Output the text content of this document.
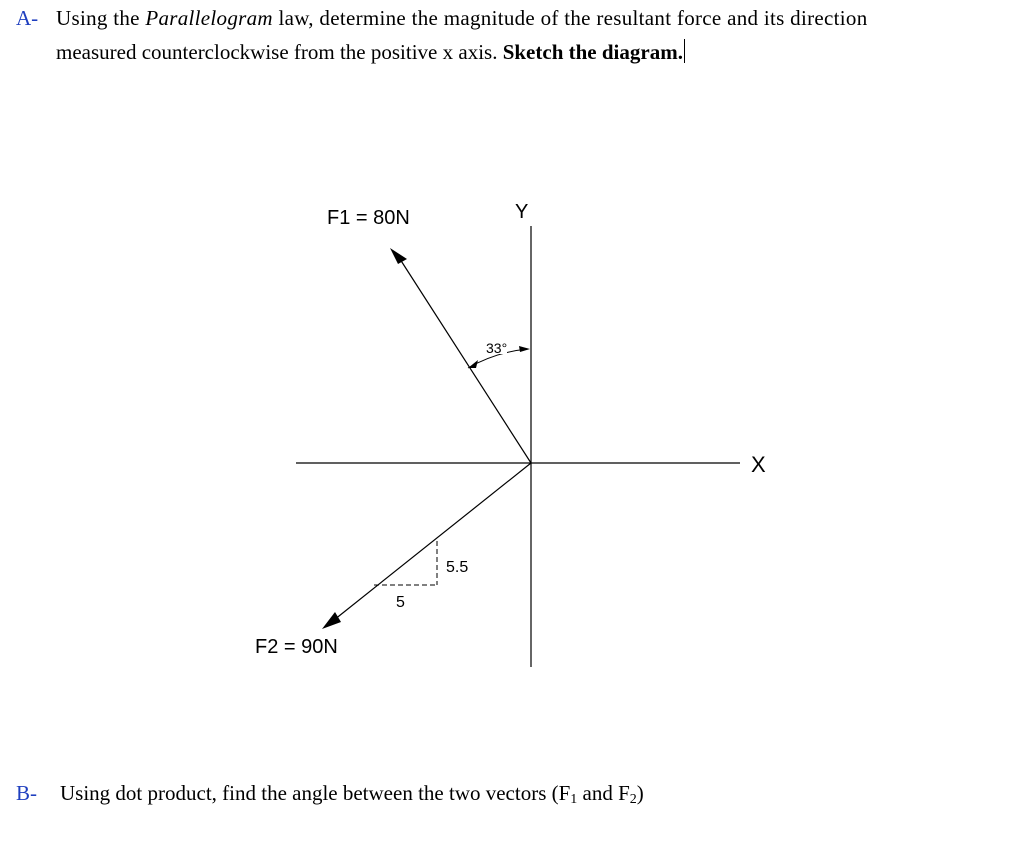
A- Using the Parallelogram law, determine the magnitude of the resultant force and its direction
measured counterclockwise from the positive x axis. Sketch the diagram.
Y
X
F1 = 80N
33°
F2 = 90N
5.5
5
B- Using dot product, find the angle between the two vectors ($F_1$ and $F_2$)
